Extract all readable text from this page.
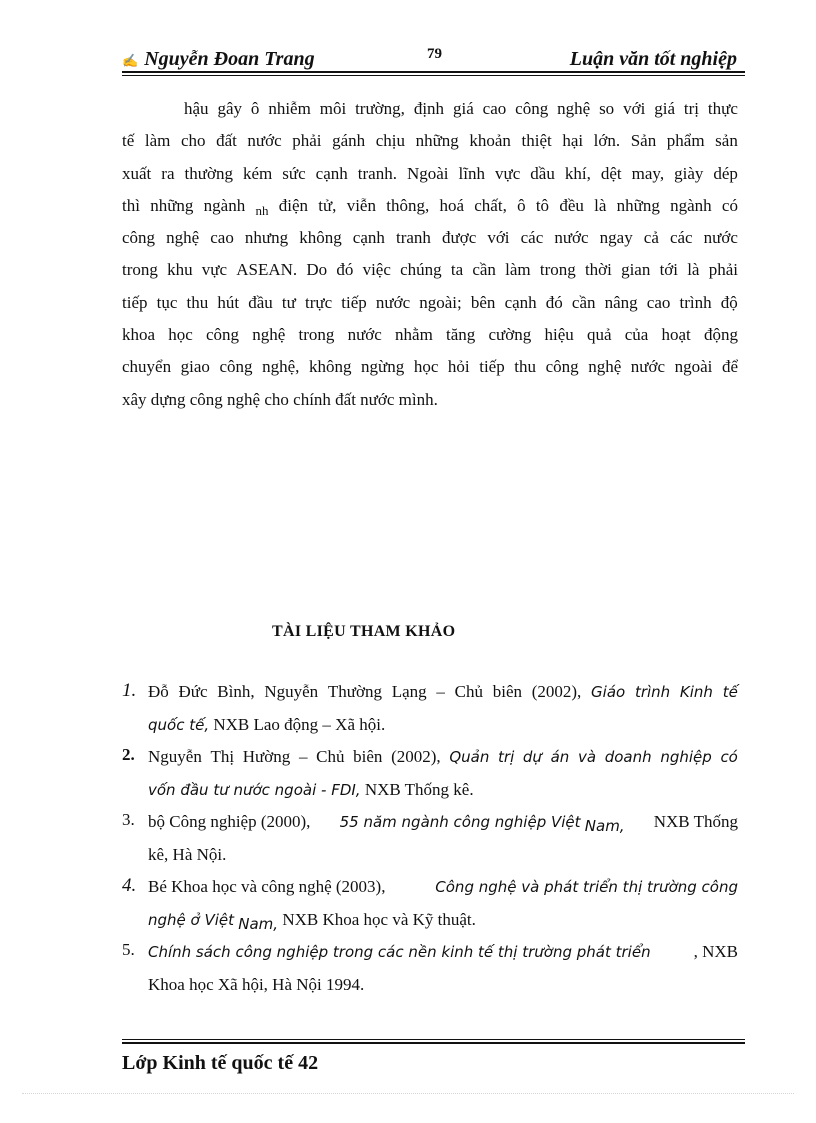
✍ Nguyễn Đoan Trang	79	Luận văn tốt nghiệp
hậu gây ô nhiễm môi trường, định giá cao công nghệ so với giá trị thực
tế làm cho đất nước phải gánh chịu những khoản thiệt hại lớn. Sản phẩm sản
xuất ra thường kém sức cạnh tranh. Ngoài lĩnh vực dầu khí, dệt may, giày dép
thì những ngành nh điện tử, viễn thông, hoá chất, ô tô đều là những ngành có
công nghệ cao nhưng không cạnh tranh được với các nước ngay cả các nước
trong khu vực ASEAN. Do đó việc chúng ta cần làm trong thời gian tới là phải
tiếp tục thu hút đầu tư trực tiếp nước ngoài; bên cạnh đó cần nâng cao trình độ
khoa học công nghệ trong nước nhằm tăng cường hiệu quả của hoạt động
chuyển giao công nghệ, không ngừng học hỏi tiếp thu công nghệ nước ngoài để
xây dựng công nghệ cho chính đất nước mình.
TÀI LIỆU THAM KHẢO
1. Đỗ Đức Bình, Nguyễn Thường Lạng – Chủ biên (2002), Giáo trình Kinh tế
quốc tế, NXB Lao động – Xã hội.
2. Nguyễn Thị Hường – Chủ biên (2002), Quản trị dự án và doanh nghiệp có
vốn đầu tư nước ngoài - FDI, NXB Thống kê.
3. bộ Công nghiệp (2000), 55 năm ngành công nghiệp Việt Nam, NXB Thống
kê, Hà Nội.
4. Bé Khoa học và công nghệ (2003),	Công nghệ và phát triển thị trường công
nghệ ở Việt
Nam,
NXB Khoa học và Kỹ thuật.
5. Chính sách công nghiệp trong các nền kinh tế thị trường phát triển	, NXB
Khoa học Xã hội, Hà Nội 1994.
Lớp Kinh tế quốc tế 42
